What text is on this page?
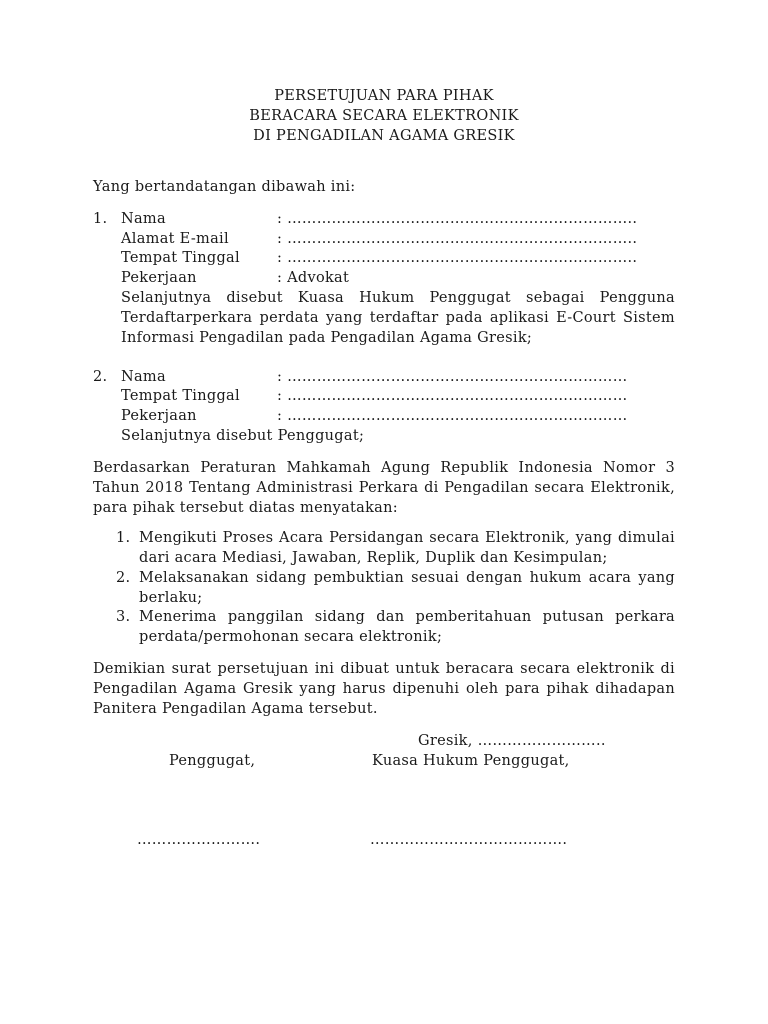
PERSETUJUAN PARA PIHAK
BERACARA SECARA ELEKTRONIK
DI PENGADILAN AGAMA GRESIK
Yang bertandatangan dibawah ini:
1. Nama	: ……………………………………………………………..
Alamat E-mail	: ……………………………………………………………..
Tempat Tinggal	: ……………………………………………………………..
Pekerjaan	: Advokat
Selanjutnya disebut Kuasa Hukum Penggugat sebagai Pengguna
Terdaftarperkara perdata yang terdaftar pada aplikasi E-Court Sistem
Informasi Pengadilan pada Pengadilan Agama Gresik;
2. Nama	: ……………………………………………………………
Tempat Tinggal	: ……………………………………………………………
Pekerjaan	: ……………………………………………………………
Selanjutnya disebut Penggugat;
Berdasarkan Peraturan Mahkamah Agung Republik Indonesia Nomor 3
Tahun 2018 Tentang Administrasi Perkara di Pengadilan secara Elektronik,
para pihak tersebut diatas menyatakan:
1. Mengikuti Proses Acara Persidangan secara Elektronik, yang dimulai
dari acara Mediasi, Jawaban, Replik, Duplik dan Kesimpulan;
2. Melaksanakan sidang pembuktian sesuai dengan hukum acara yang
berlaku;
3. Menerima panggilan sidang dan pemberitahuan putusan perkara
perdata/permohonan secara elektronik;
Demikian surat persetujuan ini dibuat untuk beracara secara elektronik di
Pengadilan Agama Gresik yang harus dipenuhi oleh para pihak dihadapan
Panitera Pengadilan Agama tersebut.
Gresik, ……………………..
Penggugat,	Kuasa Hukum Penggugat,
…………………….	………………………………….
